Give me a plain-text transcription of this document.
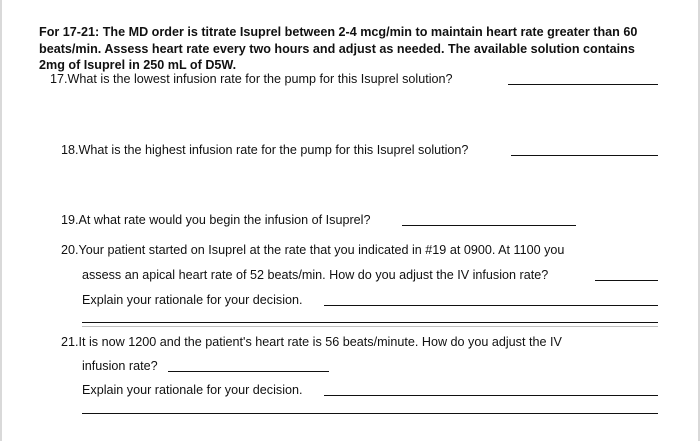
For 17-21: The MD order is titrate Isuprel between 2-4 mcg/min to maintain heart rate greater than 60 beats/min. Assess heart rate every two hours and adjust as needed. The available solution contains 2mg of Isuprel in 250 mL of D5W.
17.What is the lowest infusion rate for the pump for this Isuprel solution?
18.What is the highest infusion rate for the pump for this Isuprel solution?
19.At what rate would you begin the infusion of Isuprel?
20.Your patient started on Isuprel at the rate that you indicated in #19 at 0900. At 1100 you
assess an apical heart rate of 52 beats/min. How do you adjust the IV infusion rate?
Explain your rationale for your decision.
21.It is now 1200 and the patient's heart rate is 56 beats/minute. How do you adjust the IV
infusion rate?
Explain your rationale for your decision.
